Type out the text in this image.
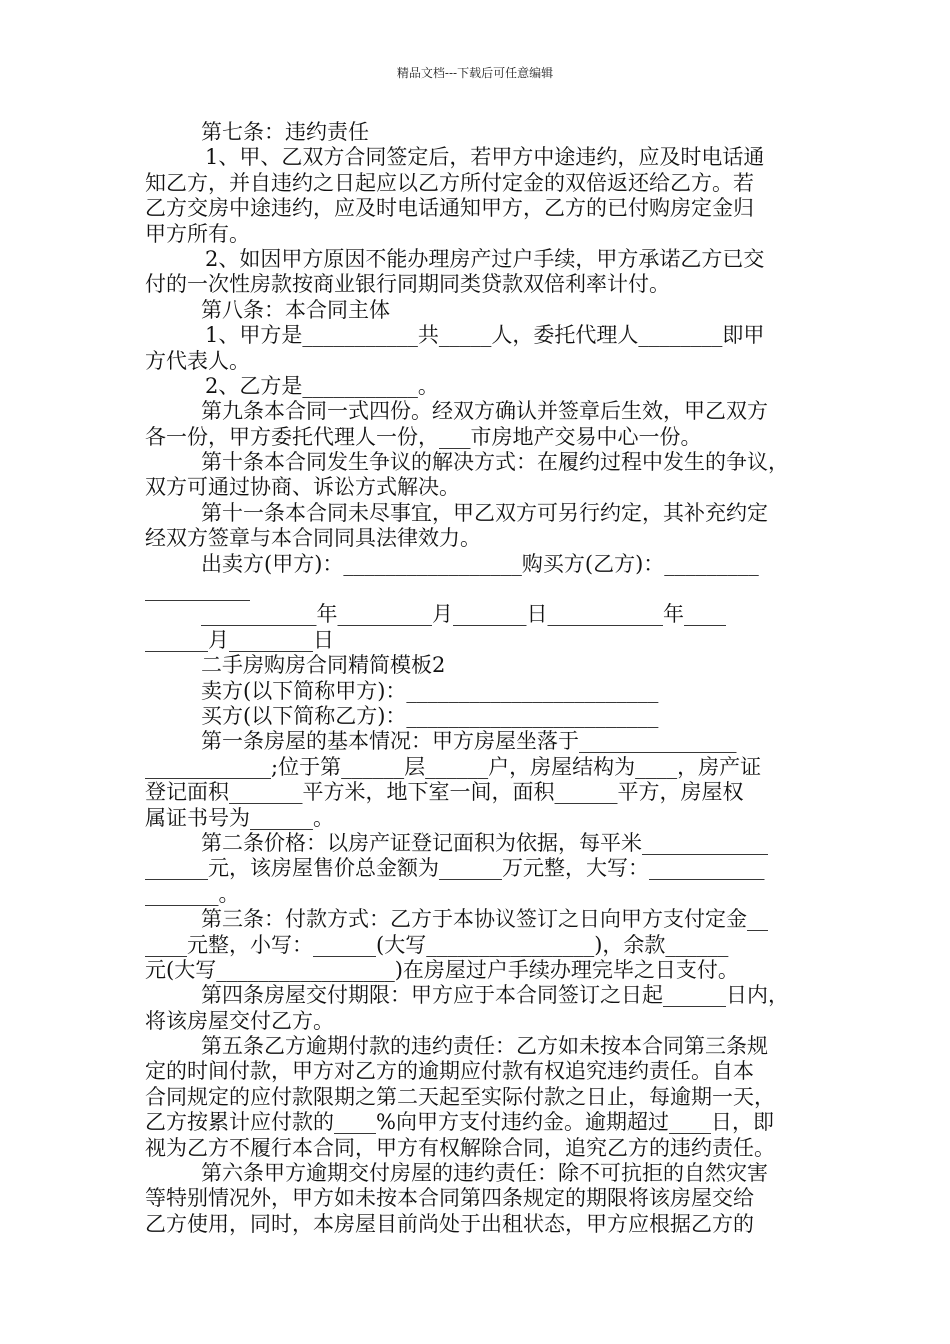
精品文档---下载后可任意编辑
第七条：违约责任
1、甲、乙双方合同签定后，若甲方中途违约，应及时电话通
知乙方，并自违约之日起应以乙方所付定金的双倍返还给乙方。若
乙方交房中途违约，应及时电话通知甲方，乙方的已付购房定金归
甲方所有。
2、如因甲方原因不能办理房产过户手续，甲方承诺乙方已交
付的一次性房款按商业银行同期同类贷款双倍利率计付。
第八条：本合同主体
1、甲方是___________共_____人，委托代理人________即甲
方代表人。
2、乙方是___________。
第九条本合同一式四份。经双方确认并签章后生效，甲乙双方
各一份，甲方委托代理人一份，___市房地产交易中心一份。
第十条本合同发生争议的解决方式：在履约过程中发生的争议，
双方可通过协商、诉讼方式解决。
第十一条本合同未尽事宜，甲乙双方可另行约定，其补充约定
经双方签章与本合同同具法律效力。
出卖方(甲方)：_________________购买方(乙方)：_________
__________
___________年_________月_______日___________年____
______月________日
二手房购房合同精简模板2
卖方(以下简称甲方)：________________________
买方(以下简称乙方)：________________________
第一条房屋的基本情况：甲方房屋坐落于_______________
____________;位于第______层______户，房屋结构为____，房产证
登记面积_______平方米，地下室一间，面积______平方，房屋权
属证书号为______。
第二条价格：以房产证登记面积为依据，每平米____________
______元，该房屋售价总金额为______万元整，大写：___________
_______。
第三条：付款方式：乙方于本协议签订之日向甲方支付定金__
____元整，小写：______(大写________________)，余款______
元(大写_________________)在房屋过户手续办理完毕之日支付。
第四条房屋交付期限：甲方应于本合同签订之日起______日内，
将该房屋交付乙方。
第五条乙方逾期付款的违约责任：乙方如未按本合同第三条规
定的时间付款，甲方对乙方的逾期应付款有权追究违约责任。自本
合同规定的应付款限期之第二天起至实际付款之日止，每逾期一天，
乙方按累计应付款的____%向甲方支付违约金。逾期超过____日，即
视为乙方不履行本合同，甲方有权解除合同，追究乙方的违约责任。
第六条甲方逾期交付房屋的违约责任：除不可抗拒的自然灾害
等特别情况外，甲方如未按本合同第四条规定的期限将该房屋交给
乙方使用，同时，本房屋目前尚处于出租状态，甲方应根据乙方的
